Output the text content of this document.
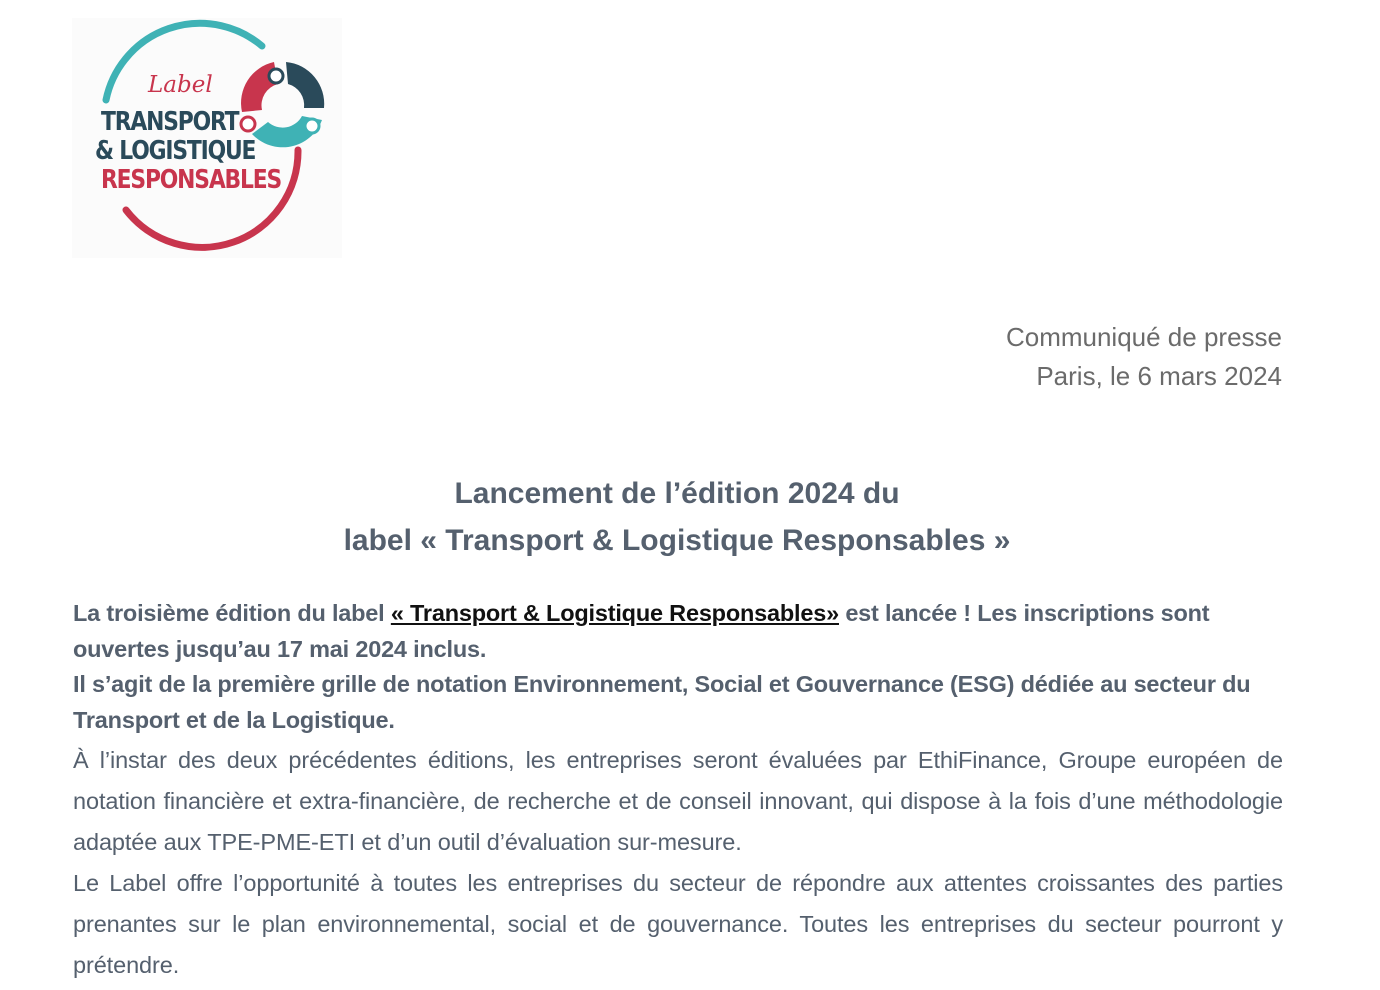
Label
TRANSPORT
& LOGISTIQUE
RESPONSABLES
Communiqué de presse
Paris, le 6 mars 2024
Lancement de l’édition 2024 du
label « Transport & Logistique Responsables »
La troisième édition du label « Transport & Logistique Responsables» est lancée ! Les inscriptions sont ouvertes jusqu’au 17 mai 2024 inclus.
Il s’agit de la première grille de notation Environnement, Social et Gouvernance (ESG) dédiée au secteur du Transport et de la Logistique.

À l’instar des deux précédentes éditions, les entreprises seront évaluées par EthiFinance, Groupe européen de notation financière et extra-financière, de recherche et de conseil innovant, qui dispose à la fois d’une méthodologie adaptée aux TPE-PME-ETI et d’un outil d’évaluation sur-mesure.

Le Label offre l’opportunité à toutes les entreprises du secteur de répondre aux attentes croissantes des parties prenantes sur le plan environnemental, social et de gouvernance. Toutes les entreprises du secteur pourront y prétendre.
